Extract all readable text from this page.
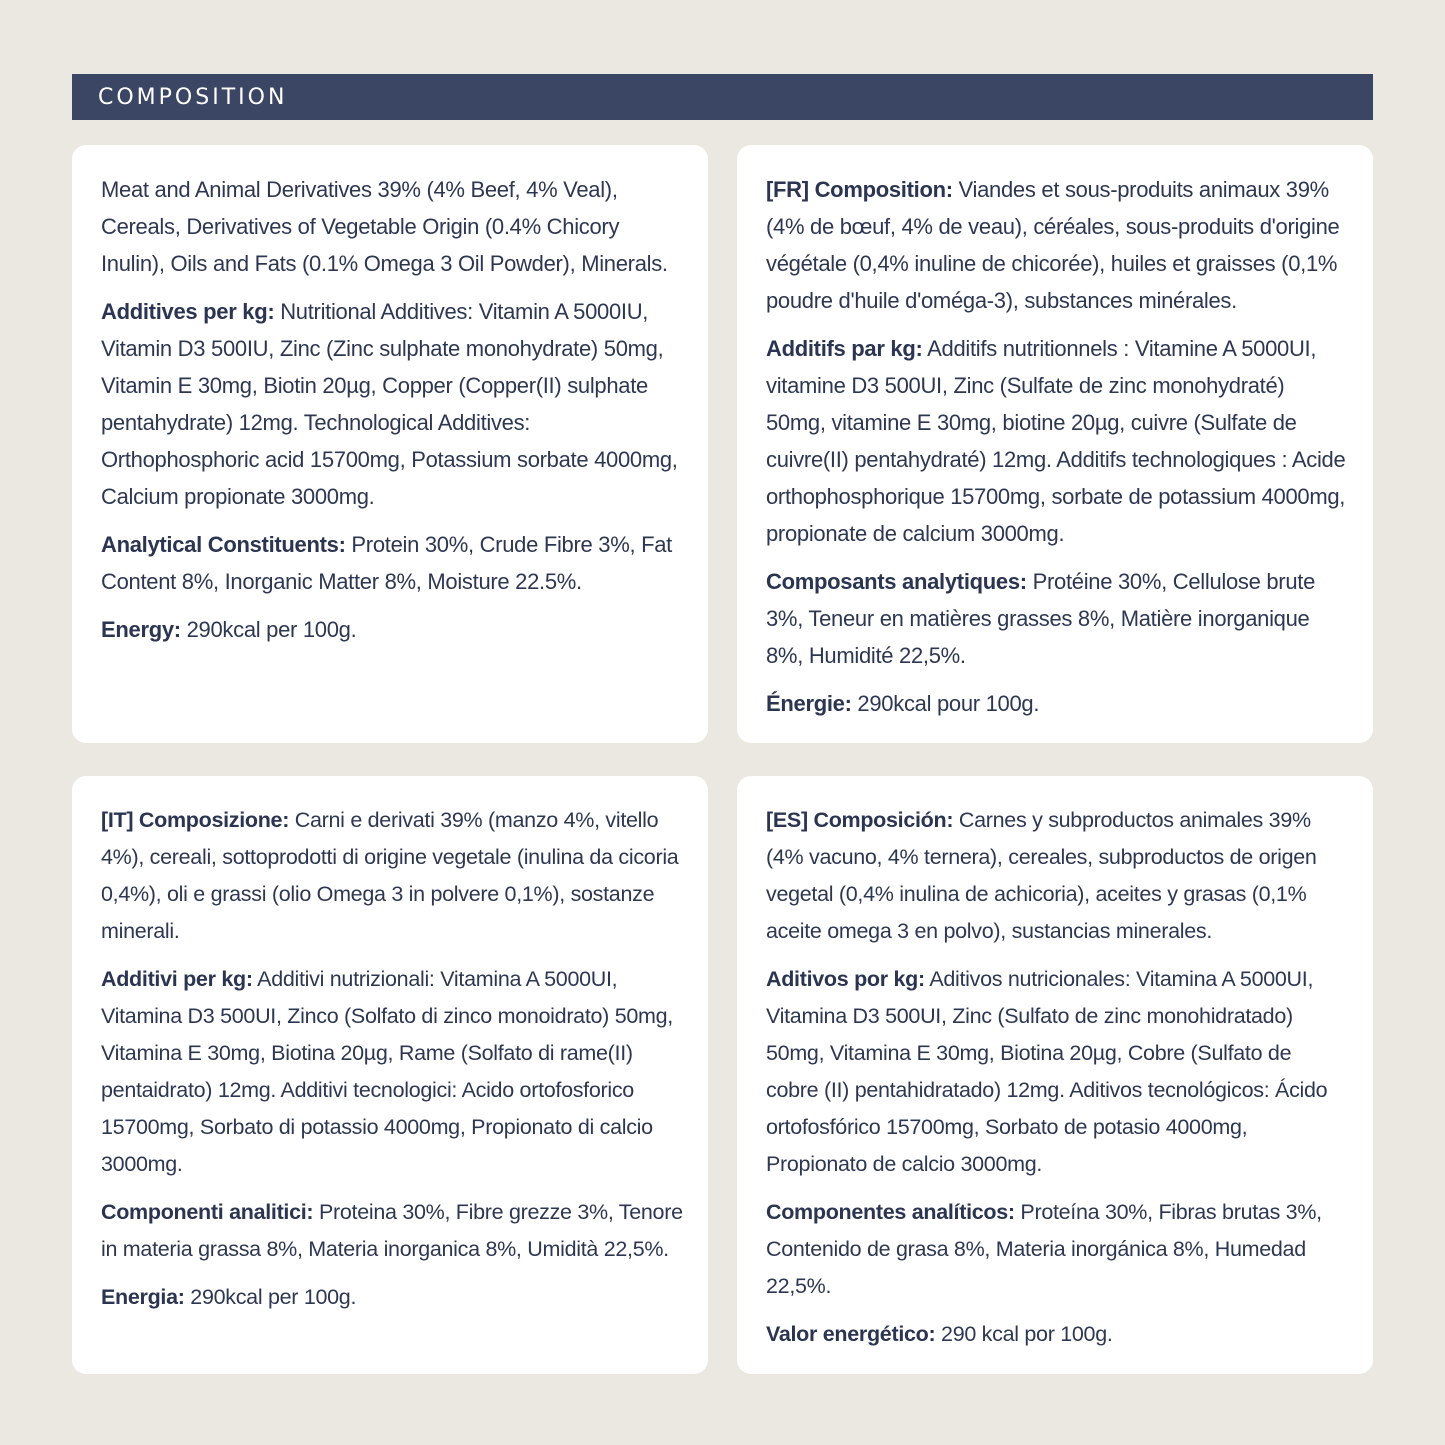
COMPOSITION

Meat and Animal Derivatives 39% (4% Beef, 4% Veal), Cereals, Derivatives of Vegetable Origin (0.4% Chicory Inulin), Oils and Fats (0.1% Omega 3 Oil Powder), Minerals.

Additives per kg: Nutritional Additives: Vitamin A 5000IU, Vitamin D3 500IU, Zinc (Zinc sulphate monohydrate) 50mg, Vitamin E 30mg, Biotin 20µg, Copper (Copper(II) sulphate pentahydrate) 12mg. Technological Additives: Orthophosphoric acid 15700mg, Potassium sorbate 4000mg, Calcium propionate 3000mg.

Analytical Constituents: Protein 30%, Crude Fibre 3%, Fat Content 8%, Inorganic Matter 8%, Moisture 22.5%.

Energy: 290kcal per 100g.

[FR] Composition: Viandes et sous-produits animaux 39% (4% de bœuf, 4% de veau), céréales, sous-produits d'origine végétale (0,4% inuline de chicorée), huiles et graisses (0,1% poudre d'huile d'oméga-3), substances minérales.

Additifs par kg: Additifs nutritionnels : Vitamine A 5000UI, vitamine D3 500UI, Zinc (Sulfate de zinc monohydraté) 50mg, vitamine E 30mg, biotine 20µg, cuivre (Sulfate de cuivre(II) pentahydraté) 12mg. Additifs technologiques : Acide orthophosphorique 15700mg, sorbate de potassium 4000mg, propionate de calcium 3000mg.

Composants analytiques: Protéine 30%, Cellulose brute 3%, Teneur en matières grasses 8%, Matière inorganique 8%, Humidité 22,5%.

Énergie: 290kcal pour 100g.

[IT] Composizione: Carni e derivati 39% (manzo 4%, vitello 4%), cereali, sottoprodotti di origine vegetale (inulina da cicoria 0,4%), oli e grassi (olio Omega 3 in polvere 0,1%), sostanze minerali.

Additivi per kg: Additivi nutrizionali: Vitamina A 5000UI, Vitamina D3 500UI, Zinco (Solfato di zinco monoidrato) 50mg, Vitamina E 30mg, Biotina 20µg, Rame (Solfato di rame(II) pentaidrato) 12mg. Additivi tecnologici: Acido ortofosforico 15700mg, Sorbato di potassio 4000mg, Propionato di calcio 3000mg.

Componenti analitici: Proteina 30%, Fibre grezze 3%, Tenore in materia grassa 8%, Materia inorganica 8%, Umidità 22,5%.

Energia: 290kcal per 100g.

[ES] Composición: Carnes y subproductos animales 39% (4% vacuno, 4% ternera), cereales, subproductos de origen vegetal (0,4% inulina de achicoria), aceites y grasas (0,1% aceite omega 3 en polvo), sustancias minerales.

Aditivos por kg: Aditivos nutricionales: Vitamina A 5000UI, Vitamina D3 500UI, Zinc (Sulfato de zinc monohidratado) 50mg, Vitamina E 30mg, Biotina 20µg, Cobre (Sulfato de cobre (II) pentahidratado) 12mg. Aditivos tecnológicos: Ácido ortofosfórico 15700mg, Sorbato de potasio 4000mg, Propionato de calcio 3000mg.

Componentes analíticos: Proteína 30%, Fibras brutas 3%, Contenido de grasa 8%, Materia inorgánica 8%, Humedad 22,5%.

Valor energético: 290 kcal por 100g.
